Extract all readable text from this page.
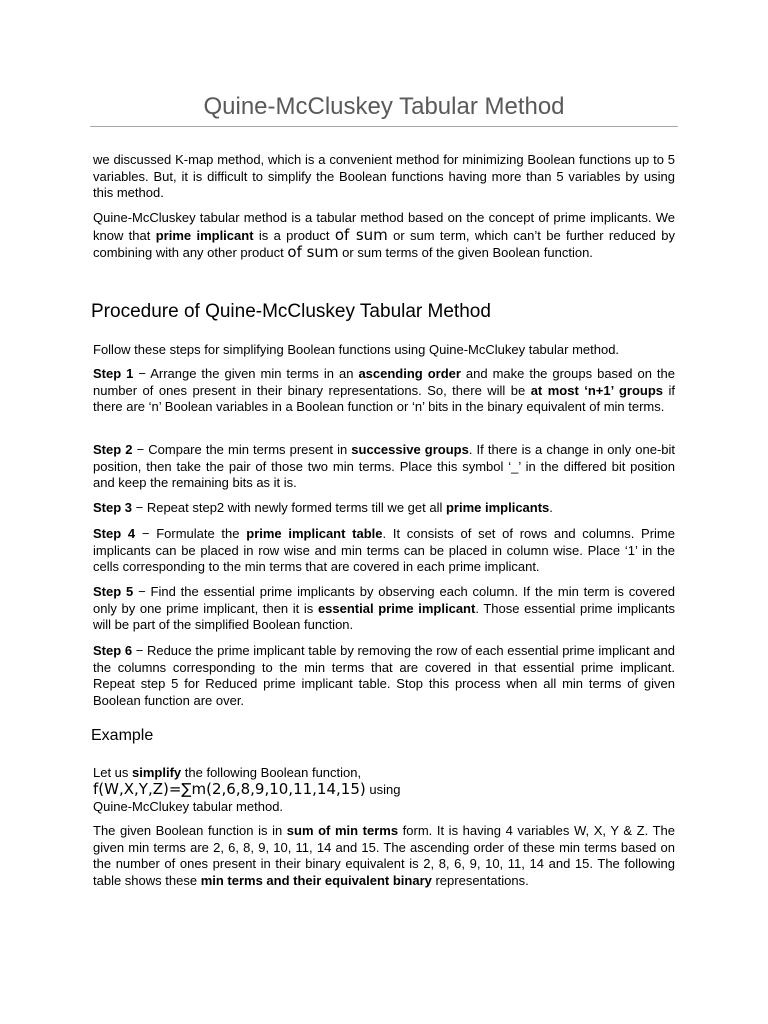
Quine-McCluskey Tabular Method

we discussed K-map method, which is a convenient method for minimizing Boolean functions up to 5 variables. But, it is difficult to simplify the Boolean functions having more than 5 variables by using this method.

Quine-McCluskey tabular method is a tabular method based on the concept of prime implicants. We know that prime implicant is a product of sum or sum term, which can’t be further reduced by combining with any other product of sum or sum terms of the given Boolean function.

Procedure of Quine-McCluskey Tabular Method

Follow these steps for simplifying Boolean functions using Quine-McClukey tabular method.

Step 1 − Arrange the given min terms in an ascending order and make the groups based on the number of ones present in their binary representations. So, there will be at most ‘n+1’ groups if there are ‘n’ Boolean variables in a Boolean function or ‘n’ bits in the binary equivalent of min terms.

Step 2 − Compare the min terms present in successive groups. If there is a change in only one-bit position, then take the pair of those two min terms. Place this symbol ‘_’ in the differed bit position and keep the remaining bits as it is.

Step 3 − Repeat step2 with newly formed terms till we get all prime implicants.

Step 4 − Formulate the prime implicant table. It consists of set of rows and columns. Prime implicants can be placed in row wise and min terms can be placed in column wise. Place ‘1’ in the cells corresponding to the min terms that are covered in each prime implicant.

Step 5 − Find the essential prime implicants by observing each column. If the min term is covered only by one prime implicant, then it is essential prime implicant. Those essential prime implicants will be part of the simplified Boolean function.

Step 6 − Reduce the prime implicant table by removing the row of each essential prime implicant and the columns corresponding to the min terms that are covered in that essential prime implicant. Repeat step 5 for Reduced prime implicant table. Stop this process when all min terms of given Boolean function are over.

Example

Let us simplify the following Boolean function,
f(W,X,Y,Z)=∑m(2,6,8,9,10,11,14,15) using
Quine-McClukey tabular method.

The given Boolean function is in sum of min terms form. It is having 4 variables W, X, Y & Z. The given min terms are 2, 6, 8, 9, 10, 11, 14 and 15. The ascending order of these min terms based on the number of ones present in their binary equivalent is 2, 8, 6, 9, 10, 11, 14 and 15. The following table shows these min terms and their equivalent binary representations.
